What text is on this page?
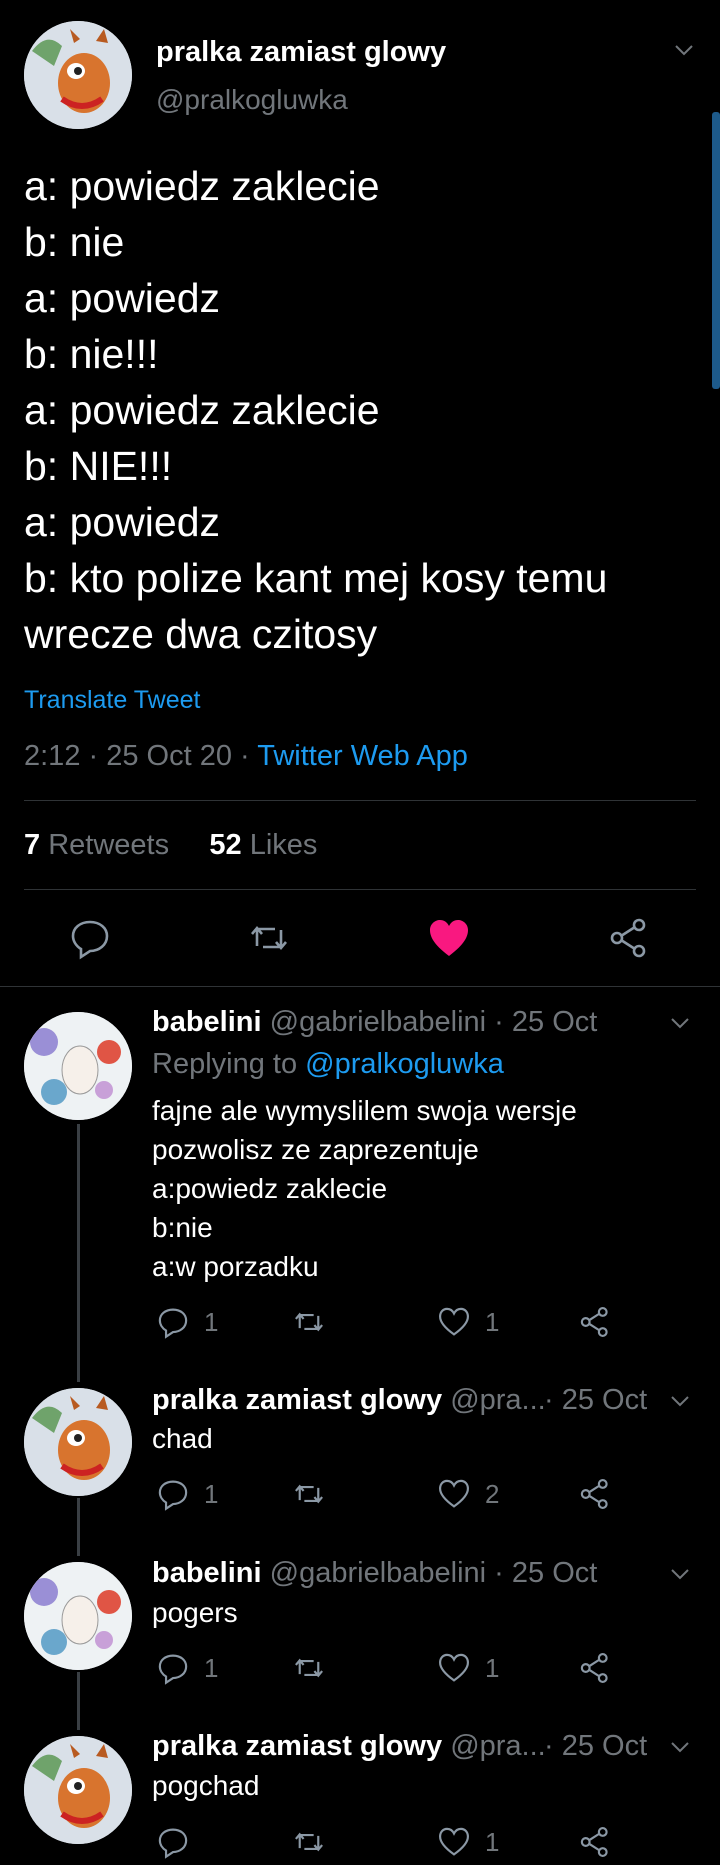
pralka zamiast glowy
@pralkogluwka
a: powiedz zaklecie
b: nie
a: powiedz
b: nie!!!
a: powiedz zaklecie
b: NIE!!!
a: powiedz
b: kto polize kant mej kosy temu
wrecze dwa czitosy
Translate Tweet
2:12 · 25 Oct 20 · Twitter Web App
7 Retweets 52 Likes
babelini @gabrielbabelini · 25 Oct
Replying to @pralkogluwka
fajne ale wymyslilem swoja wersje
pozwolisz ze zaprezentuje
a:powiedz zaklecie
b:nie
a:w porzadku
1	1
pralka zamiast glowy @pra...
· 25 Oct
chad
1	2
babelini @gabrielbabelini · 25 Oct
pogers
1	1
pralka zamiast glowy @pra...
· 25 Oct
pogchad
1
